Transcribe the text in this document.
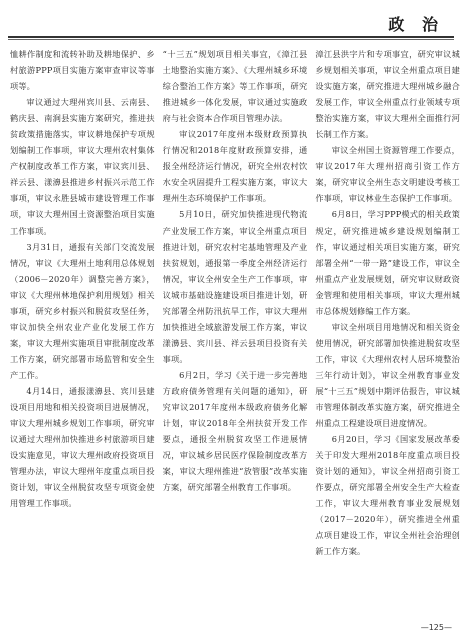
政 治

恤耕作制度和流转补助及耕地保护、乡村旅游PPP项目实施方案审查审议等事项等。

审议通过大理州宾川县、云南县、鹤庆县、南涧县实施方案研究，推进扶贫政策措施落实，审议耕地保护专项规划编制工作事项，审议大理州农村集体产权制度改革工作方案，审议宾川县、祥云县、漾濞县推进乡村振兴示范工作事项，审议永胜县城市建设管理工作事项，审议大理州国土资源整治项目实施工作事项。

3月31日，通报有关部门交流发展情况，审议《大理州土地利用总体规划（2006－2020年）调整完善方案》，审议《大理州林地保护利用规划》相关事项，研究乡村振兴和脱贫攻坚任务，审议加快全州农业产业化发展工作方案，审议大理州实施项目审批制度改革工作方案，研究部署市场监管和安全生产工作。

4月14日，通报漾濞县、宾川县建设项目用地和相关投资项目进展情况，审议大理州城乡规划工作事项，研究审议通过大理州加快推进乡村旅游项目建设实施意见，审议大理州政府投资项目管理办法，审议大理州年度重点项目投资计划，审议全州脱贫攻坚专项资金使用管理工作事项。

“十三五”规划项目相关事宜，《漳江县土地整治实施方案》、《大理州城乡环境综合整治工作方案》等工作事项，研究推进城乡一体化发展，审议通过实施政府与社会资本合作项目管理办法。

审议2017年度州本级财政预算执行情况和2018年度财政预算安排，通报全州经济运行情况，研究全州农村饮水安全巩固提升工程实施方案，审议大理州生态环境保护工作事项。

5月10日，研究加快推进现代物流产业发展工作方案，审议全州重点项目推进计划，研究农村宅基地管理及产业扶贫规划，通报第一季度全州经济运行情况，审议全州安全生产工作事项，审议城市基础设施建设项目推进计划，研究部署全州防汛抗旱工作，审议大理州加快推进全域旅游发展工作方案，审议漾濞县、宾川县、祥云县项目投资有关事项。

6月2日，学习《关于进一步完善地方政府债务管理有关问题的通知》，研究审议2017年度州本级政府债务化解计划，审议2018年全州扶贫开发工作要点，通报全州脱贫攻坚工作进展情况，审议城乡居民医疗保险制度改革方案，审议大理州推进“放管服”改革实施方案，研究部署全州教育工作事项。

漳江县洪字片和专项事宜，研究审议城乡规划相关事项，审议全州重点项目建设实施方案，研究推进大理州城乡融合发展工作，审议全州重点行业领域专项整治实施方案，审议大理州全面推行河长制工作方案。

审议全州国土资源管理工作要点，审议2017年大理州招商引资工作方案，研究审议全州生态文明建设考核工作事项，审议林业生态保护工作事项。

6月8日，学习PPP模式的相关政策规定，研究推进城乡建设规划编制工作，审议通过相关项目实施方案，研究部署全州“一带一路”建设工作，审议全州重点产业发展规划，研究审议财政资金管理和使用相关事项，审议大理州城市总体规划修编工作方案。

审议全州项目用地情况和相关资金使用情况，研究部署加快推进脱贫攻坚工作，审议《大理州农村人居环境整治三年行动计划》，审议全州教育事业发展“十三五”规划中期评估报告，审议城市管理体制改革实施方案，研究推进全州重点工程建设项目进度情况。

6月20日，学习《国家发展改革委关于印发大理州2018年度重点项目投资计划的通知》，审议全州招商引资工作要点，研究部署全州安全生产大检查工作，审议大理州教育事业发展规划（2017－2020年），研究推进全州重点项目建设工作，审议全州社会治理创新工作方案。

—125—
